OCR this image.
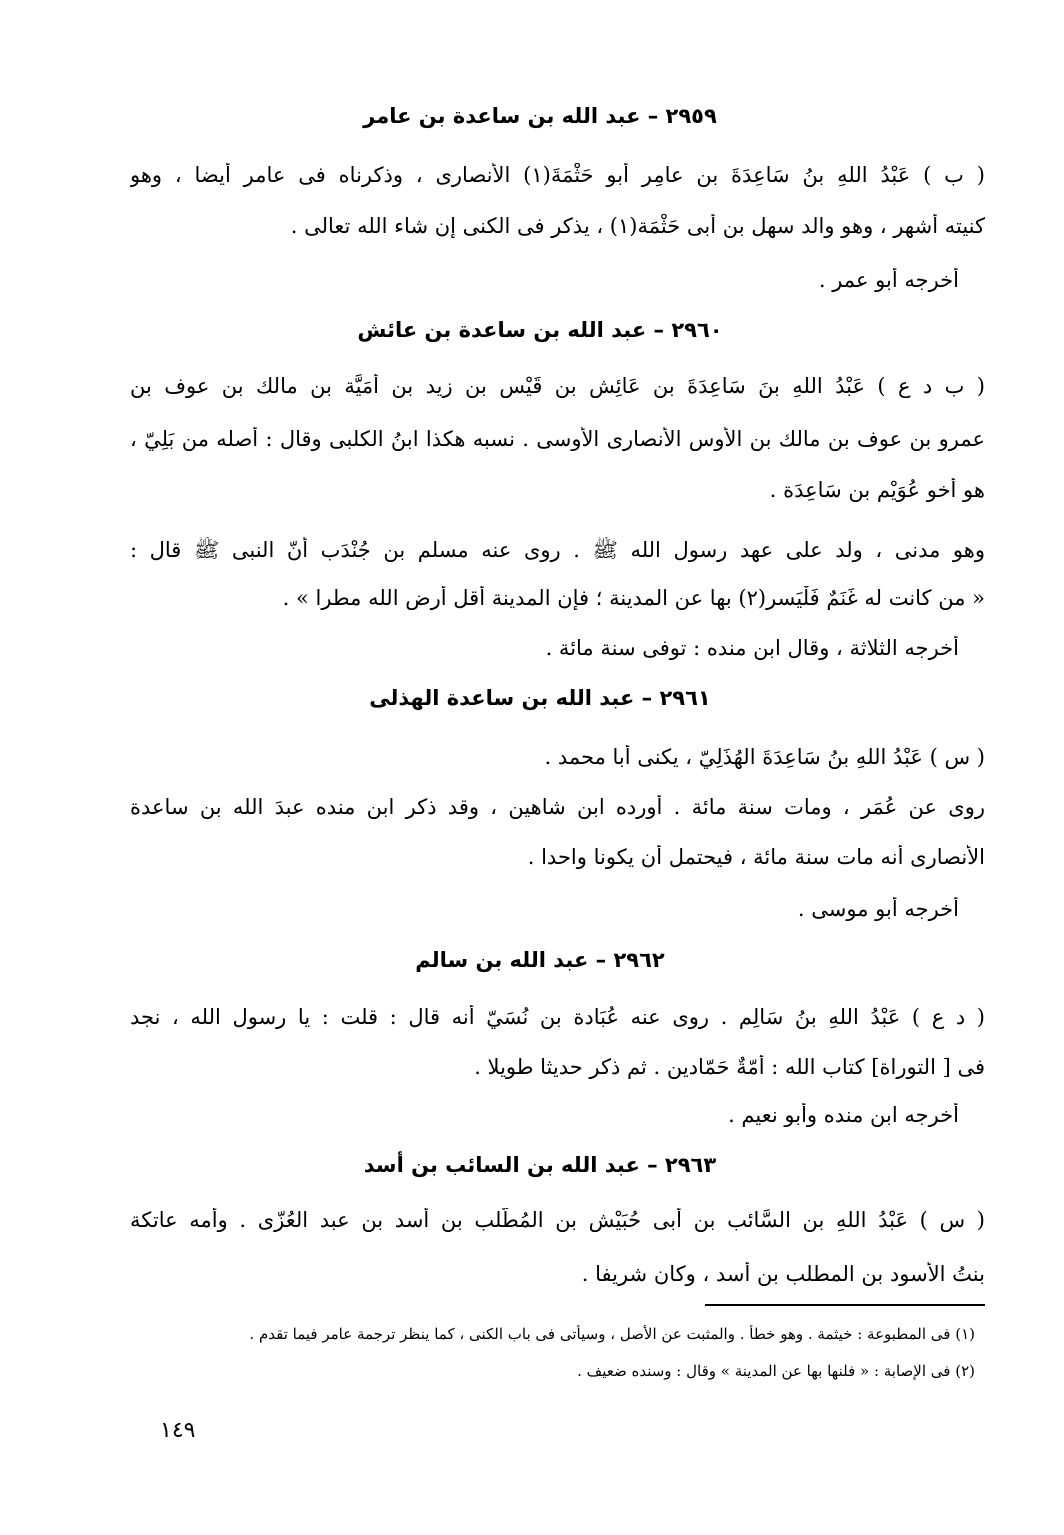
٢٩٥٩ – عبد الله بن ساعدة بن عامر
( ب ) عَبْدُ اللهِ بنُ سَاعِدَةَ بنِ عامِرٍ أبو حَثْمَةَ(١) الأنصارى ، وذكرناه فى عامر أيضا ، وهو
كنيته أشهر ، وهو والد سهل بن أبى حَثْمَة(١) ، يذكر فى الكنى إن شاء الله تعالى .
أخرجه أبو عمر .
٢٩٦٠ – عبد الله بن ساعدة بن عائش
( ب د ع ) عَبْدُ اللهِ بنَ سَاعِدَةَ بن عَائِش بن قَيْس بن زيد بن أُمَيَّة بن مالك بن عوف بن
عمرو بن عوف بن مالك بن الأوس الأنصارى الأوسى . نسبه هكذا ابنُ الكلبى وقال : أصله من بَلِيّ ،
هو أخو عُوَيْم بن سَاعِدَة .
وهو مدنى ، ولد على عهد رسول الله ﷺ . روى عنه مسلم بن جُنْدَب أنّ النبى ﷺ قال :
« من كانت له غَنَمٌ فَلْيَسر(٢) بها عن المدينة ؛ فإن المدينة أقل أرض الله مطرا » .
أخرجه الثلاثة ، وقال ابن منده : توفى سنة مائة .
٢٩٦١ – عبد الله بن ساعدة الهذلى
( س ) عَبْدُ اللهِ بنُ سَاعِدَةَ الهُذَلِيّ ، يكنى أبا محمد .
روى عن عُمَر ، ومات سنة مائة . أورده ابن شاهين ، وقد ذكر ابن منده عبدَ الله بن ساعدة
الأنصارى أنه مات سنة مائة ، فيحتمل أن يكونا واحدا .
أخرجه أبو موسى .
٢٩٦٢ – عبد الله بن سالم
( د ع ) عَبْدُ اللهِ بنُ سَالِم . روى عنه عُبَادة بن نُسَيّ أنه قال : قلت : يا رسول الله ، نجد
فى [ التوراة] كتاب الله : أُمّةٌ حَمّادين . ثم ذكر حديثا طويلا .
أخرجه ابن منده وأبو نعيم .
٢٩٦٣ – عبد الله بن السائب بن أسد
( س ) عَبْدُ اللهِ بن السَّائب بن أبى حُبَيْش بن المُطَّلب بن أسد بن عبد العُزّى . وأمه عاتكة
بنتُ الأسود بن المطلب بن أسد ، وكان شريفا .
(١) فى المطبوعة : خيثمة . وهو خطأ . والمثبت عن الأصل ، وسيأتى فى باب الكنى ، كما ينظر ترجمة عامر فيما تقدم .
(٢) فى الإصابة : « فلنها بها عن المدينة » وقال : وسنده ضعيف .
١٤٩
